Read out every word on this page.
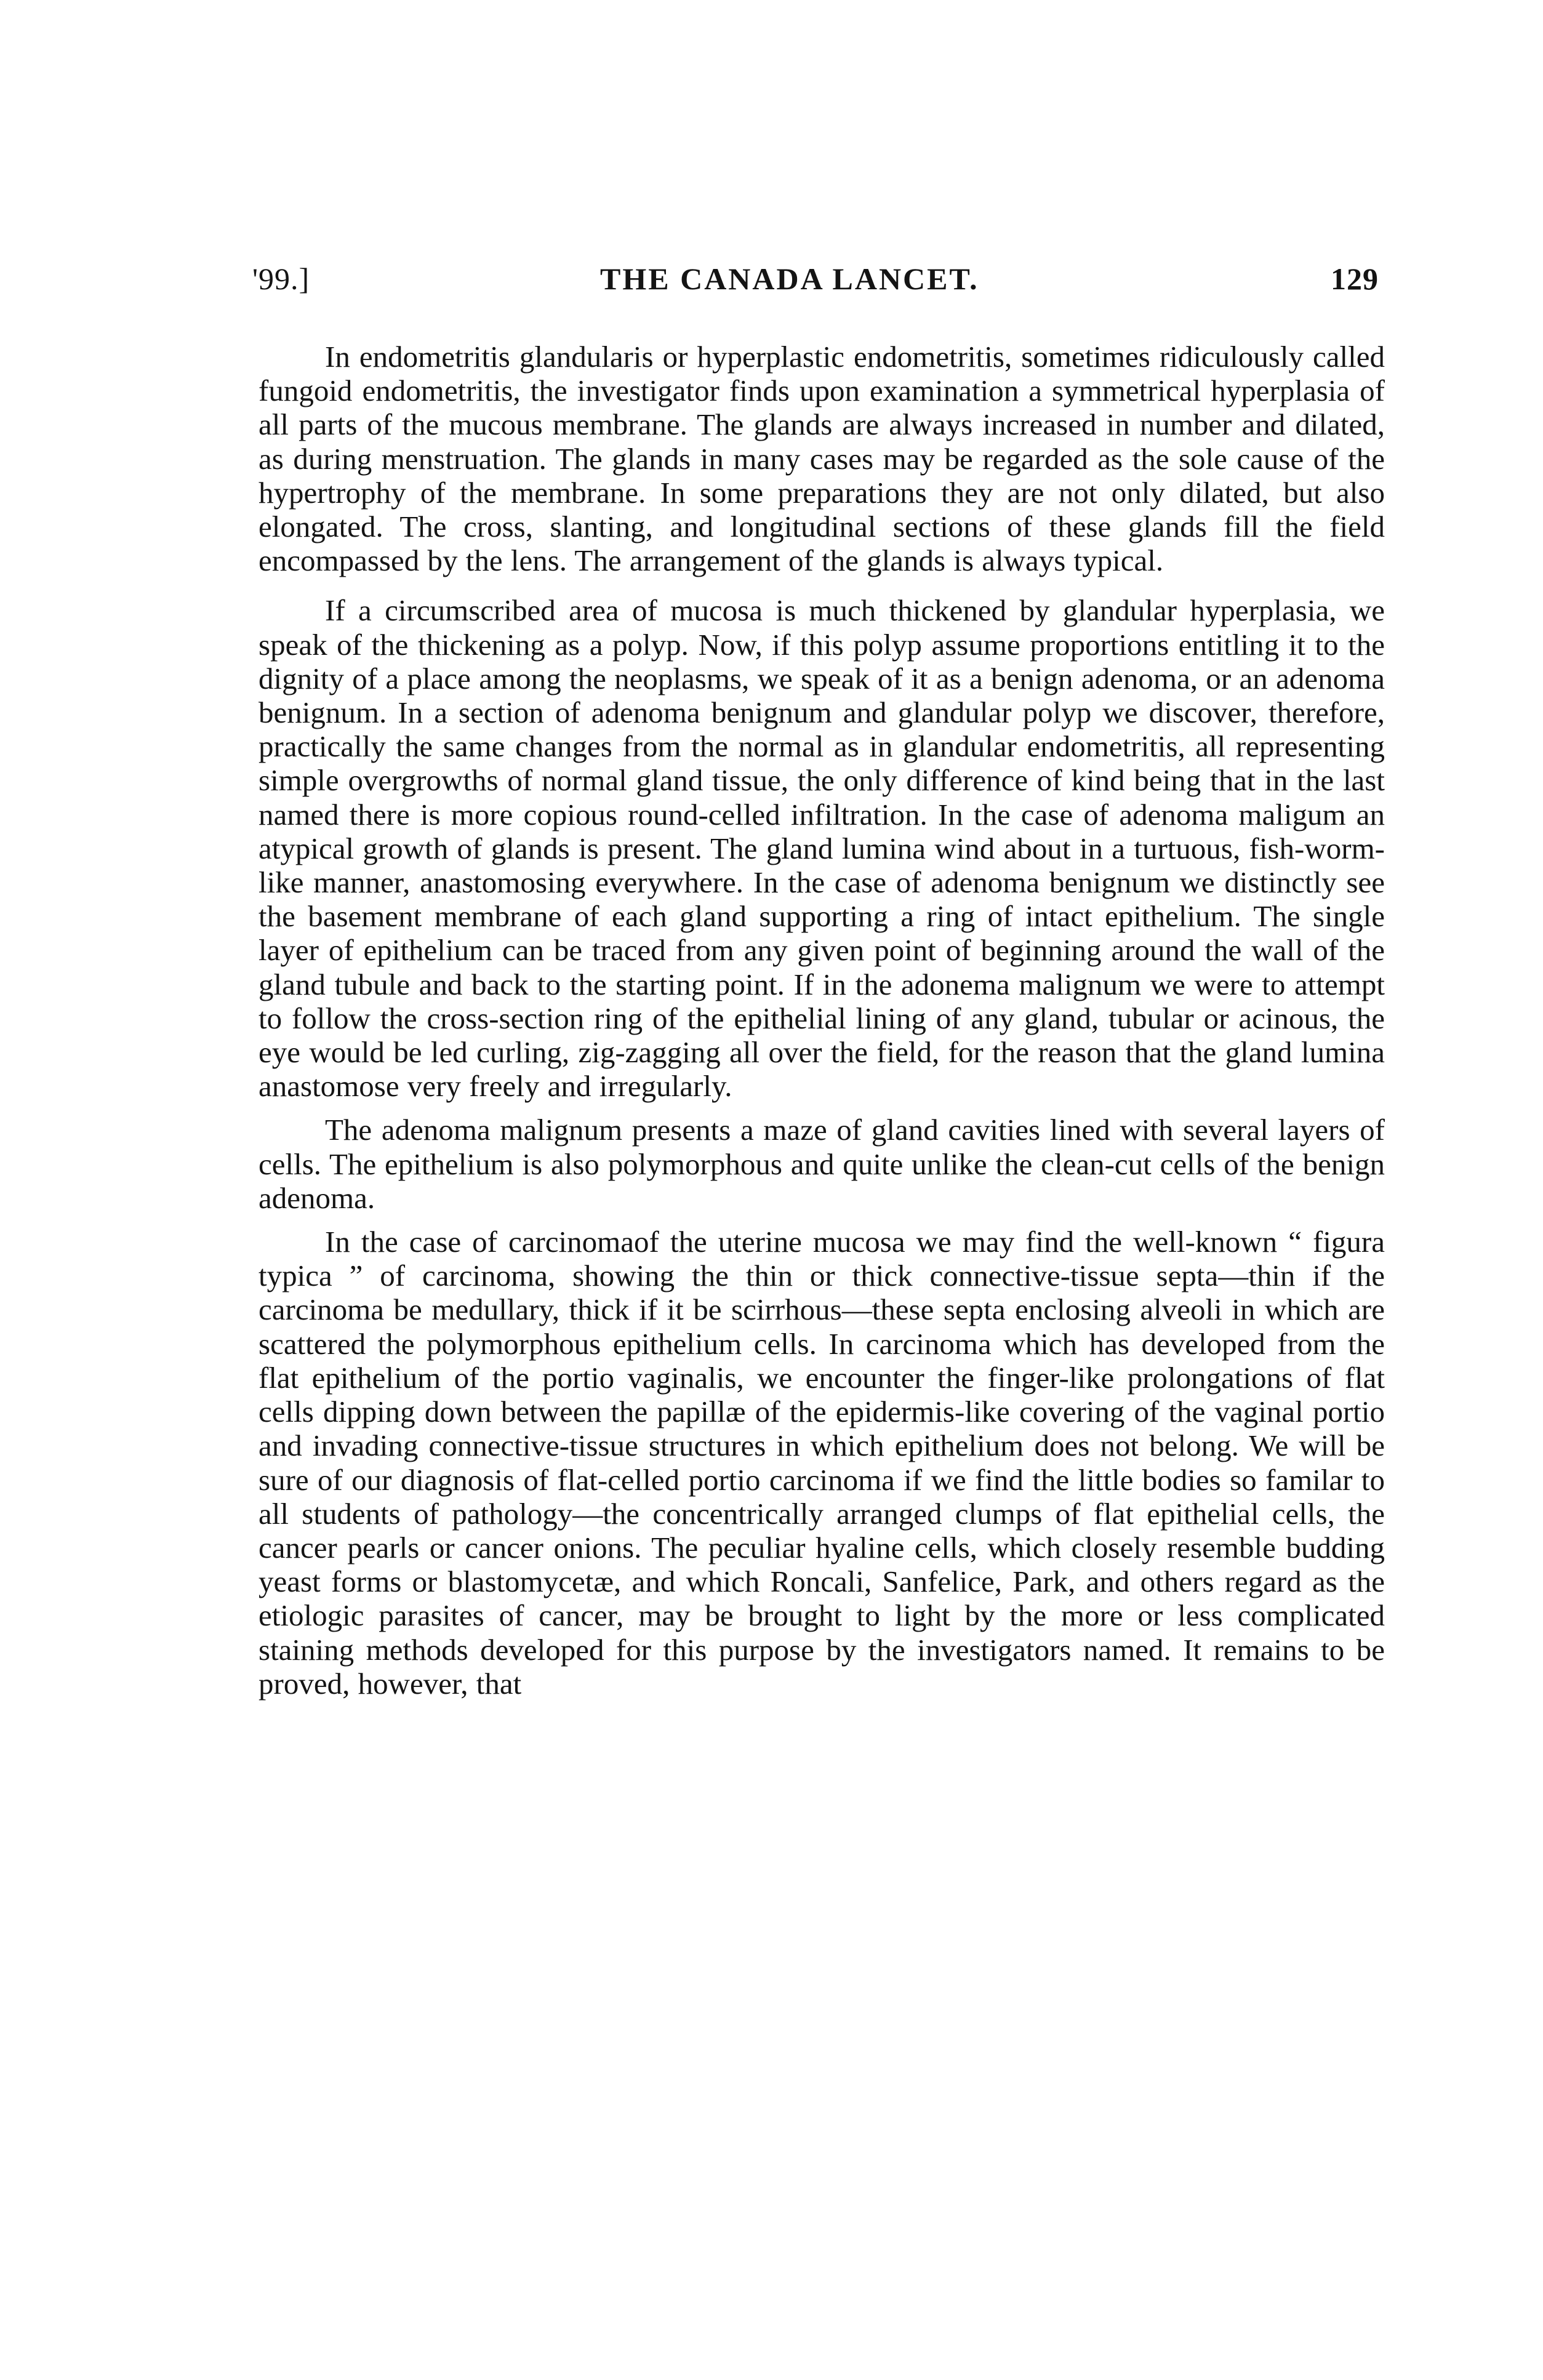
'99.]	THE CANADA LANCET.	129

In endometritis glandularis or hyperplastic endometritis, sometimes ridiculously called fungoid endometritis, the investigator finds upon examination a symmetrical hyperplasia of all parts of the mucous membrane. The glands are always increased in number and dilated, as during menstruation. The glands in many cases may be regarded as the sole cause of the hypertrophy of the membrane. In some preparations they are not only dilated, but also elongated. The cross, slanting, and longitudinal sections of these glands fill the field encompassed by the lens. The arrangement of the glands is always typical.

If a circumscribed area of mucosa is much thickened by glandular hyperplasia, we speak of the thickening as a polyp. Now, if this polyp assume proportions entitling it to the dignity of a place among the neoplasms, we speak of it as a benign adenoma, or an adenoma benignum. In a section of adenoma benignum and glandular polyp we discover, therefore, practically the same changes from the normal as in glandular endometritis, all representing simple overgrowths of normal gland tissue, the only difference of kind being that in the last named there is more copious round-celled infiltration. In the case of adenoma maligum an atypical growth of glands is present. The gland lumina wind about in a turtuous, fish-worm-like manner, anastomosing everywhere. In the case of adenoma benignum we distinctly see the basement membrane of each gland supporting a ring of intact epithelium. The single layer of epithelium can be traced from any given point of beginning around the wall of the gland tubule and back to the starting point. If in the adonema malignum we were to attempt to follow the cross-section ring of the epithelial lining of any gland, tubular or acinous, the eye would be led curling, zig-zagging all over the field, for the reason that the gland lumina anastomose very freely and irregularly.

The adenoma malignum presents a maze of gland cavities lined with several layers of cells. The epithelium is also polymorphous and quite unlike the clean-cut cells of the benign adenoma.

In the case of carcinomaof the uterine mucosa we may find the well-known “ figura typica ” of carcinoma, showing the thin or thick connective-tissue septa—thin if the carcinoma be medullary, thick if it be scirrhous—these septa enclosing alveoli in which are scattered the polymorphous epithelium cells. In carcinoma which has developed from the flat epithelium of the portio vaginalis, we encounter the finger-like prolongations of flat cells dipping down between the papillæ of the epidermis-like covering of the vaginal portio and invading connective-tissue structures in which epithelium does not belong. We will be sure of our diagnosis of flat-celled portio carcinoma if we find the little bodies so familar to all students of pathology—the concentrically arranged clumps of flat epithelial cells, the cancer pearls or cancer onions. The peculiar hyaline cells, which closely resemble budding yeast forms or blastomycetæ, and which Roncali, Sanfelice, Park, and others regard as the etiologic parasites of cancer, may be brought to light by the more or less complicated staining methods developed for this purpose by the investigators named. It remains to be proved, however, that
